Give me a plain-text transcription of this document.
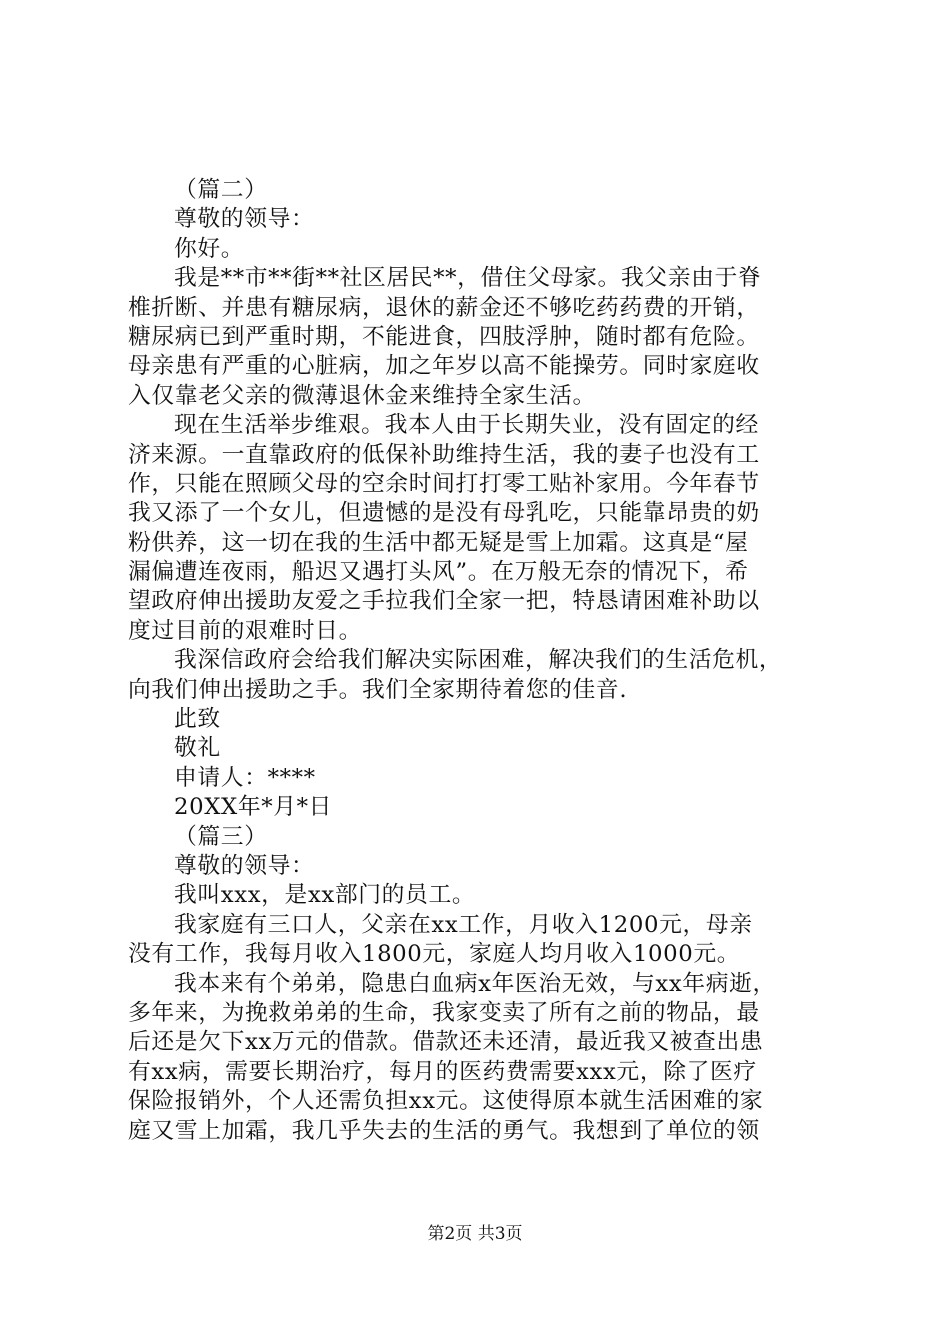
（篇二）
尊敬的领导：
你好。
我是**市**街**社区居民**，借住父母家。我父亲由于脊
椎折断、并患有糖尿病，退休的薪金还不够吃药药费的开销，
糖尿病已到严重时期，不能进食，四肢浮肿，随时都有危险。
母亲患有严重的心脏病，加之年岁以高不能操劳。同时家庭收
入仅靠老父亲的微薄退休金来维持全家生活。
现在生活举步维艰。我本人由于长期失业，没有固定的经
济来源。一直靠政府的低保补助维持生活，我的妻子也没有工
作，只能在照顾父母的空余时间打打零工贴补家用。今年春节
我又添了一个女儿，但遗憾的是没有母乳吃，只能靠昂贵的奶
粉供养，这一切在我的生活中都无疑是雪上加霜。这真是“屋
漏偏遭连夜雨，船迟又遇打头风”。在万般无奈的情况下，希
望政府伸出援助友爱之手拉我们全家一把，特恳请困难补助以
度过目前的艰难时日。
我深信政府会给我们解决实际困难，解决我们的生活危机，
向我们伸出援助之手。我们全家期待着您的佳音.
此致
敬礼
申请人：****
20XX年*月*日
（篇三）
尊敬的领导：
我叫xxx，是xx部门的员工。
我家庭有三口人，父亲在xx工作，月收入1200元，母亲
没有工作，我每月收入1800元，家庭人均月收入1000元。
我本来有个弟弟，隐患白血病x年医治无效，与xx年病逝，
多年来，为挽救弟弟的生命，我家变卖了所有之前的物品，最
后还是欠下xx万元的借款。借款还未还清，最近我又被查出患
有xx病，需要长期治疗，每月的医药费需要xxx元，除了医疗
保险报销外，个人还需负担xx元。这使得原本就生活困难的家
庭又雪上加霜，我几乎失去的生活的勇气。我想到了单位的领
第2页 共3页
